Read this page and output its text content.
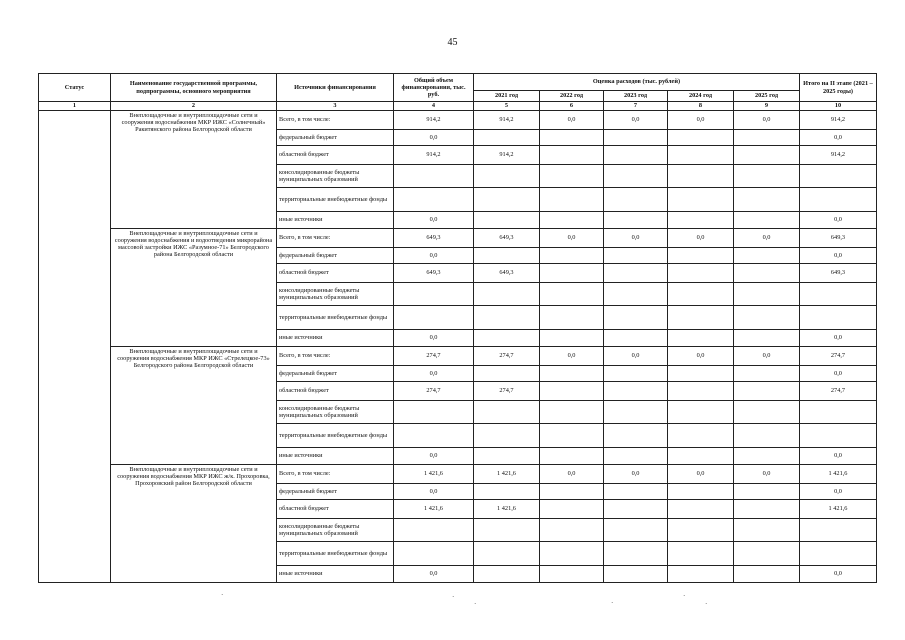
45
Статус	Наименование государственной программы, подпрограммы, основного мероприятия	Источники финансирования	Общий объем финансирования, тыс. руб.	Оценка расходов (тыс. рублей)					Итого на II этапе (2021 – 2025 годы)
				2021 год	2022 год	2023 год	2024 год	2025 год	
1	2	3	4	5	6	7	8	9	10
	Внеплощадочные и внутриплощадочные сети и сооружения водоснабжения МКР ИЖС «Солнечный» Ракитянского района Белгородской области	Всего, в том числе:	914,2	914,2	0,0	0,0	0,0	0,0	914,2
		федеральный бюджет	0,0						0,0
		областной бюджет	914,2	914,2					914,2
		консолидированные бюджеты муниципальных образований							
		территориальные внебюджетные фонды							
		иные источники	0,0						0,0
	Внеплощадочные и внутриплощадочные сети и сооружения водоснабжения и водоотведения микрорайона массовой застройки ИЖС «Разумное-71» Белгородского района Белгородской области	Всего, в том числе:	649,3	649,3	0,0	0,0	0,0	0,0	649,3
		федеральный бюджет	0,0						0,0
		областной бюджет	649,3	649,3					649,3
		консолидированные бюджеты муниципальных образований							
		территориальные внебюджетные фонды							
		иные источники	0,0						0,0
	Внеплощадочные и внутриплощадочные сети и сооружения водоснабжения МКР ИЖС «Стрелецкое-73» Белгородского района Белгородской области	Всего, в том числе:	274,7	274,7	0,0	0,0	0,0	0,0	274,7
		федеральный бюджет	0,0						0,0
		областной бюджет	274,7	274,7					274,7
		консолидированные бюджеты муниципальных образований							
		территориальные внебюджетные фонды							
		иные источники	0,0						0,0
	Внеплощадочные и внутриплощадочные сети и сооружения водоснабжения МКР ИЖС ж/к. Прохоровка, Прохоровский район Белгородской области	Всего, в том числе:	1 421,6	1 421,6	0,0	0,0	0,0	0,0	1 421,6
		федеральный бюджет	0,0						0,0
		областной бюджет	1 421,6	1 421,6					1 421,6
		консолидированные бюджеты муниципальных образований							
		территориальные внебюджетные фонды							
		иные источники	0,0						0,0
·	·
·	·
·
·
